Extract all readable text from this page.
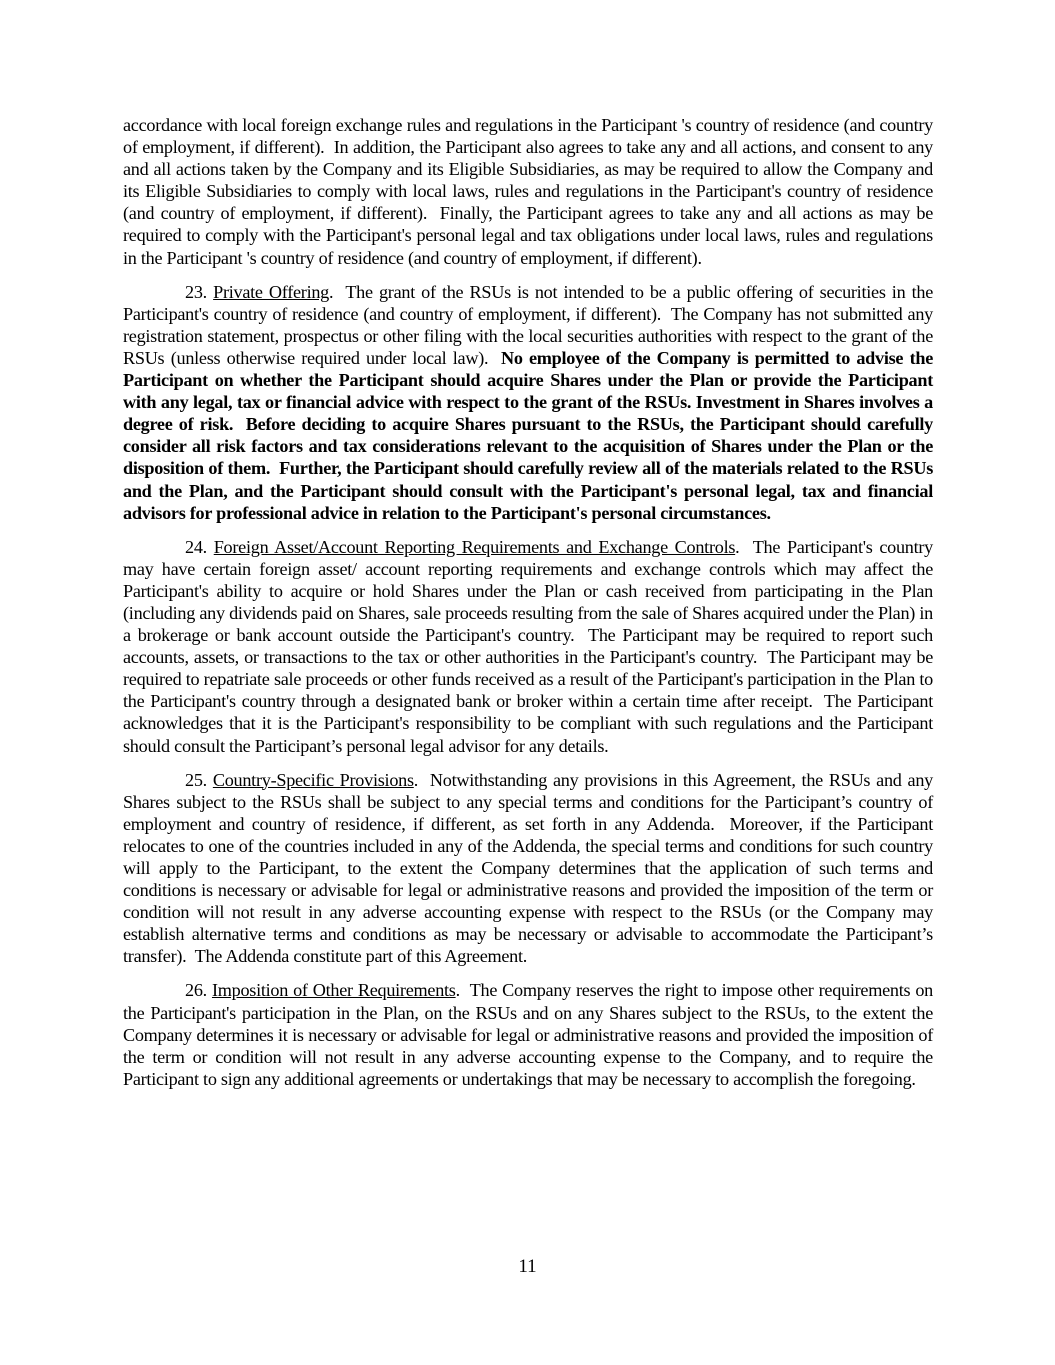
accordance with local foreign exchange rules and regulations in the Participant 's country of residence (and country of employment, if different).  In addition, the Participant also agrees to take any and all actions, and consent to any and all actions taken by the Company and its Eligible Subsidiaries, as may be required to allow the Company and its Eligible Subsidiaries to comply with local laws, rules and regulations in the Participant's country of residence (and country of employment, if different).  Finally, the Participant agrees to take any and all actions as may be required to comply with the Participant's personal legal and tax obligations under local laws, rules and regulations in the Participant 's country of residence (and country of employment, if different).

23. Private Offering.  The grant of the RSUs is not intended to be a public offering of securities in the Participant's country of residence (and country of employment, if different).  The Company has not submitted any registration statement, prospectus or other filing with the local securities authorities with respect to the grant of the RSUs (unless otherwise required under local law).  No employee of the Company is permitted to advise the Participant on whether the Participant should acquire Shares under the Plan or provide the Participant with any legal, tax or financial advice with respect to the grant of the RSUs. Investment in Shares involves a degree of risk.  Before deciding to acquire Shares pursuant to the RSUs, the Participant should carefully consider all risk factors and tax considerations relevant to the acquisition of Shares under the Plan or the disposition of them.  Further, the Participant should carefully review all of the materials related to the RSUs and the Plan, and the Participant should consult with the Participant's personal legal, tax and financial advisors for professional advice in relation to the Participant's personal circumstances.

24. Foreign Asset/Account Reporting Requirements and Exchange Controls.  The Participant's country may have certain foreign asset/ account reporting requirements and exchange controls which may affect the Participant's ability to acquire or hold Shares under the Plan or cash received from participating in the Plan (including any dividends paid on Shares, sale proceeds resulting from the sale of Shares acquired under the Plan) in a brokerage or bank account outside the Participant's country.  The Participant may be required to report such accounts, assets, or transactions to the tax or other authorities in the Participant's country.  The Participant may be required to repatriate sale proceeds or other funds received as a result of the Participant's participation in the Plan to the Participant's country through a designated bank or broker within a certain time after receipt.  The Participant acknowledges that it is the Participant's responsibility to be compliant with such regulations and the Participant should consult the Participant’s personal legal advisor for any details.

25. Country-Specific Provisions.  Notwithstanding any provisions in this Agreement, the RSUs and any Shares subject to the RSUs shall be subject to any special terms and conditions for the Participant’s country of employment and country of residence, if different, as set forth in any Addenda.  Moreover, if the Participant relocates to one of the countries included in any of the Addenda, the special terms and conditions for such country will apply to the Participant, to the extent the Company determines that the application of such terms and conditions is necessary or advisable for legal or administrative reasons and provided the imposition of the term or condition will not result in any adverse accounting expense with respect to the RSUs (or the Company may establish alternative terms and conditions as may be necessary or advisable to accommodate the Participant’s transfer).  The Addenda constitute part of this Agreement.

26. Imposition of Other Requirements.  The Company reserves the right to impose other requirements on the Participant's participation in the Plan, on the RSUs and on any Shares subject to the RSUs, to the extent the Company determines it is necessary or advisable for legal or administrative reasons and provided the imposition of the term or condition will not result in any adverse accounting expense to the Company, and to require the Participant to sign any additional agreements or undertakings that may be necessary to accomplish the foregoing.

11
